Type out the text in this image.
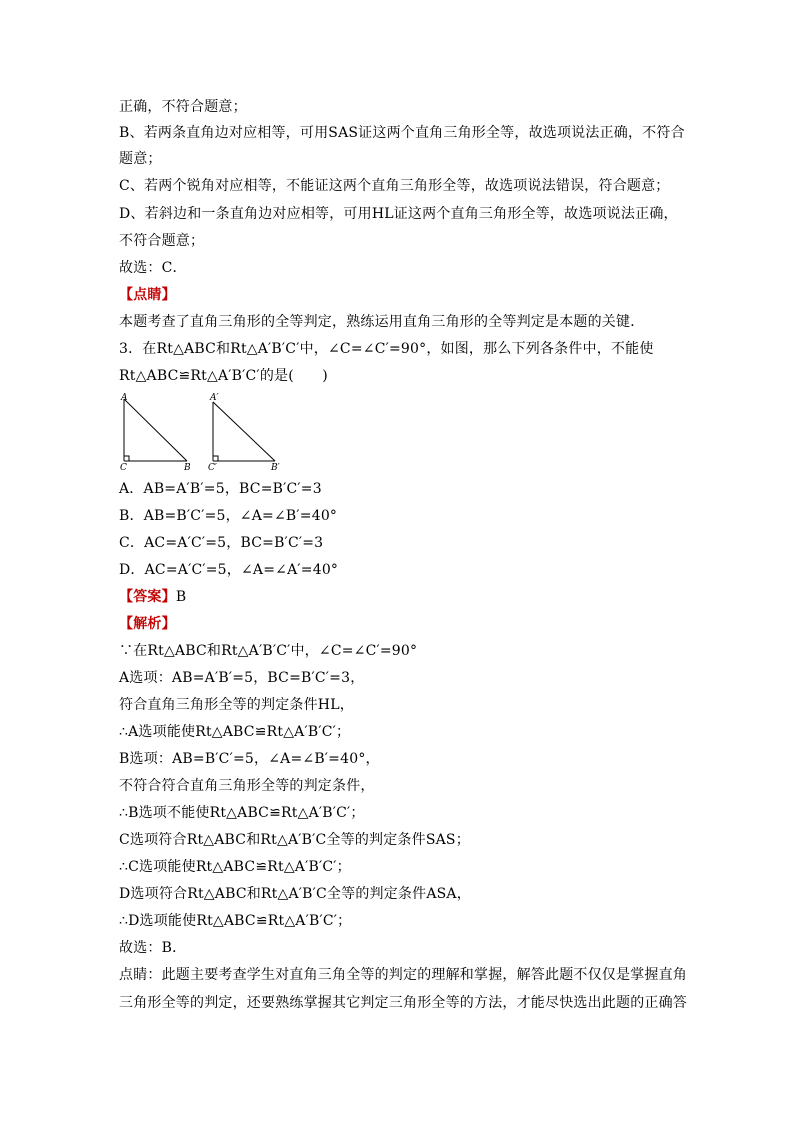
正确，不符合题意；
B、若两条直角边对应相等，可用SAS证这两个直角三角形全等，故选项说法正确，不符合
题意；
C、若两个锐角对应相等，不能证这两个直角三角形全等，故选项说法错误，符合题意；
D、若斜边和一条直角边对应相等，可用HL证这两个直角三角形全等，故选项说法正确，
不符合题意；
故选：C．
【点睛】
本题考查了直角三角形的全等判定，熟练运用直角三角形的全等判定是本题的关键．
3．在Rt△ABC和Rt△A′B′C′中，∠C=∠C′=90°，如图，那么下列各条件中，不能使
Rt△ABC≌Rt△A′B′C′的是(　　)
A
C	B
A′
C′	B′
A．AB=A′B′=5，BC=B′C′=3
B．AB=B′C′=5，∠A=∠B′=40°
C．AC=A′C′=5，BC=B′C′=3
D．AC=A′C′=5，∠A=∠A′=40°
【答案】B
【解析】
∵在Rt△ABC和Rt△A′B′C′中，∠C=∠C′=90°
A选项：AB=A′B′=5，BC=B′C′=3，
符合直角三角形全等的判定条件HL，
∴A选项能使Rt△ABC≌Rt△A′B′C′；
B选项：AB=B′C′=5，∠A=∠B′=40°，
不符合符合直角三角形全等的判定条件，
∴B选项不能使Rt△ABC≌Rt△A′B′C′；
C选项符合Rt△ABC和Rt△A′B′C全等的判定条件SAS；
∴C选项能使Rt△ABC≌Rt△A′B′C′；
D选项符合Rt△ABC和Rt△A′B′C全等的判定条件ASA，
∴D选项能使Rt△ABC≌Rt△A′B′C′；
故选：B．
点睛：此题主要考查学生对直角三角全等的判定的理解和掌握，解答此题不仅仅是掌握直角
三角形全等的判定，还要熟练掌握其它判定三角形全等的方法，才能尽快选出此题的正确答
